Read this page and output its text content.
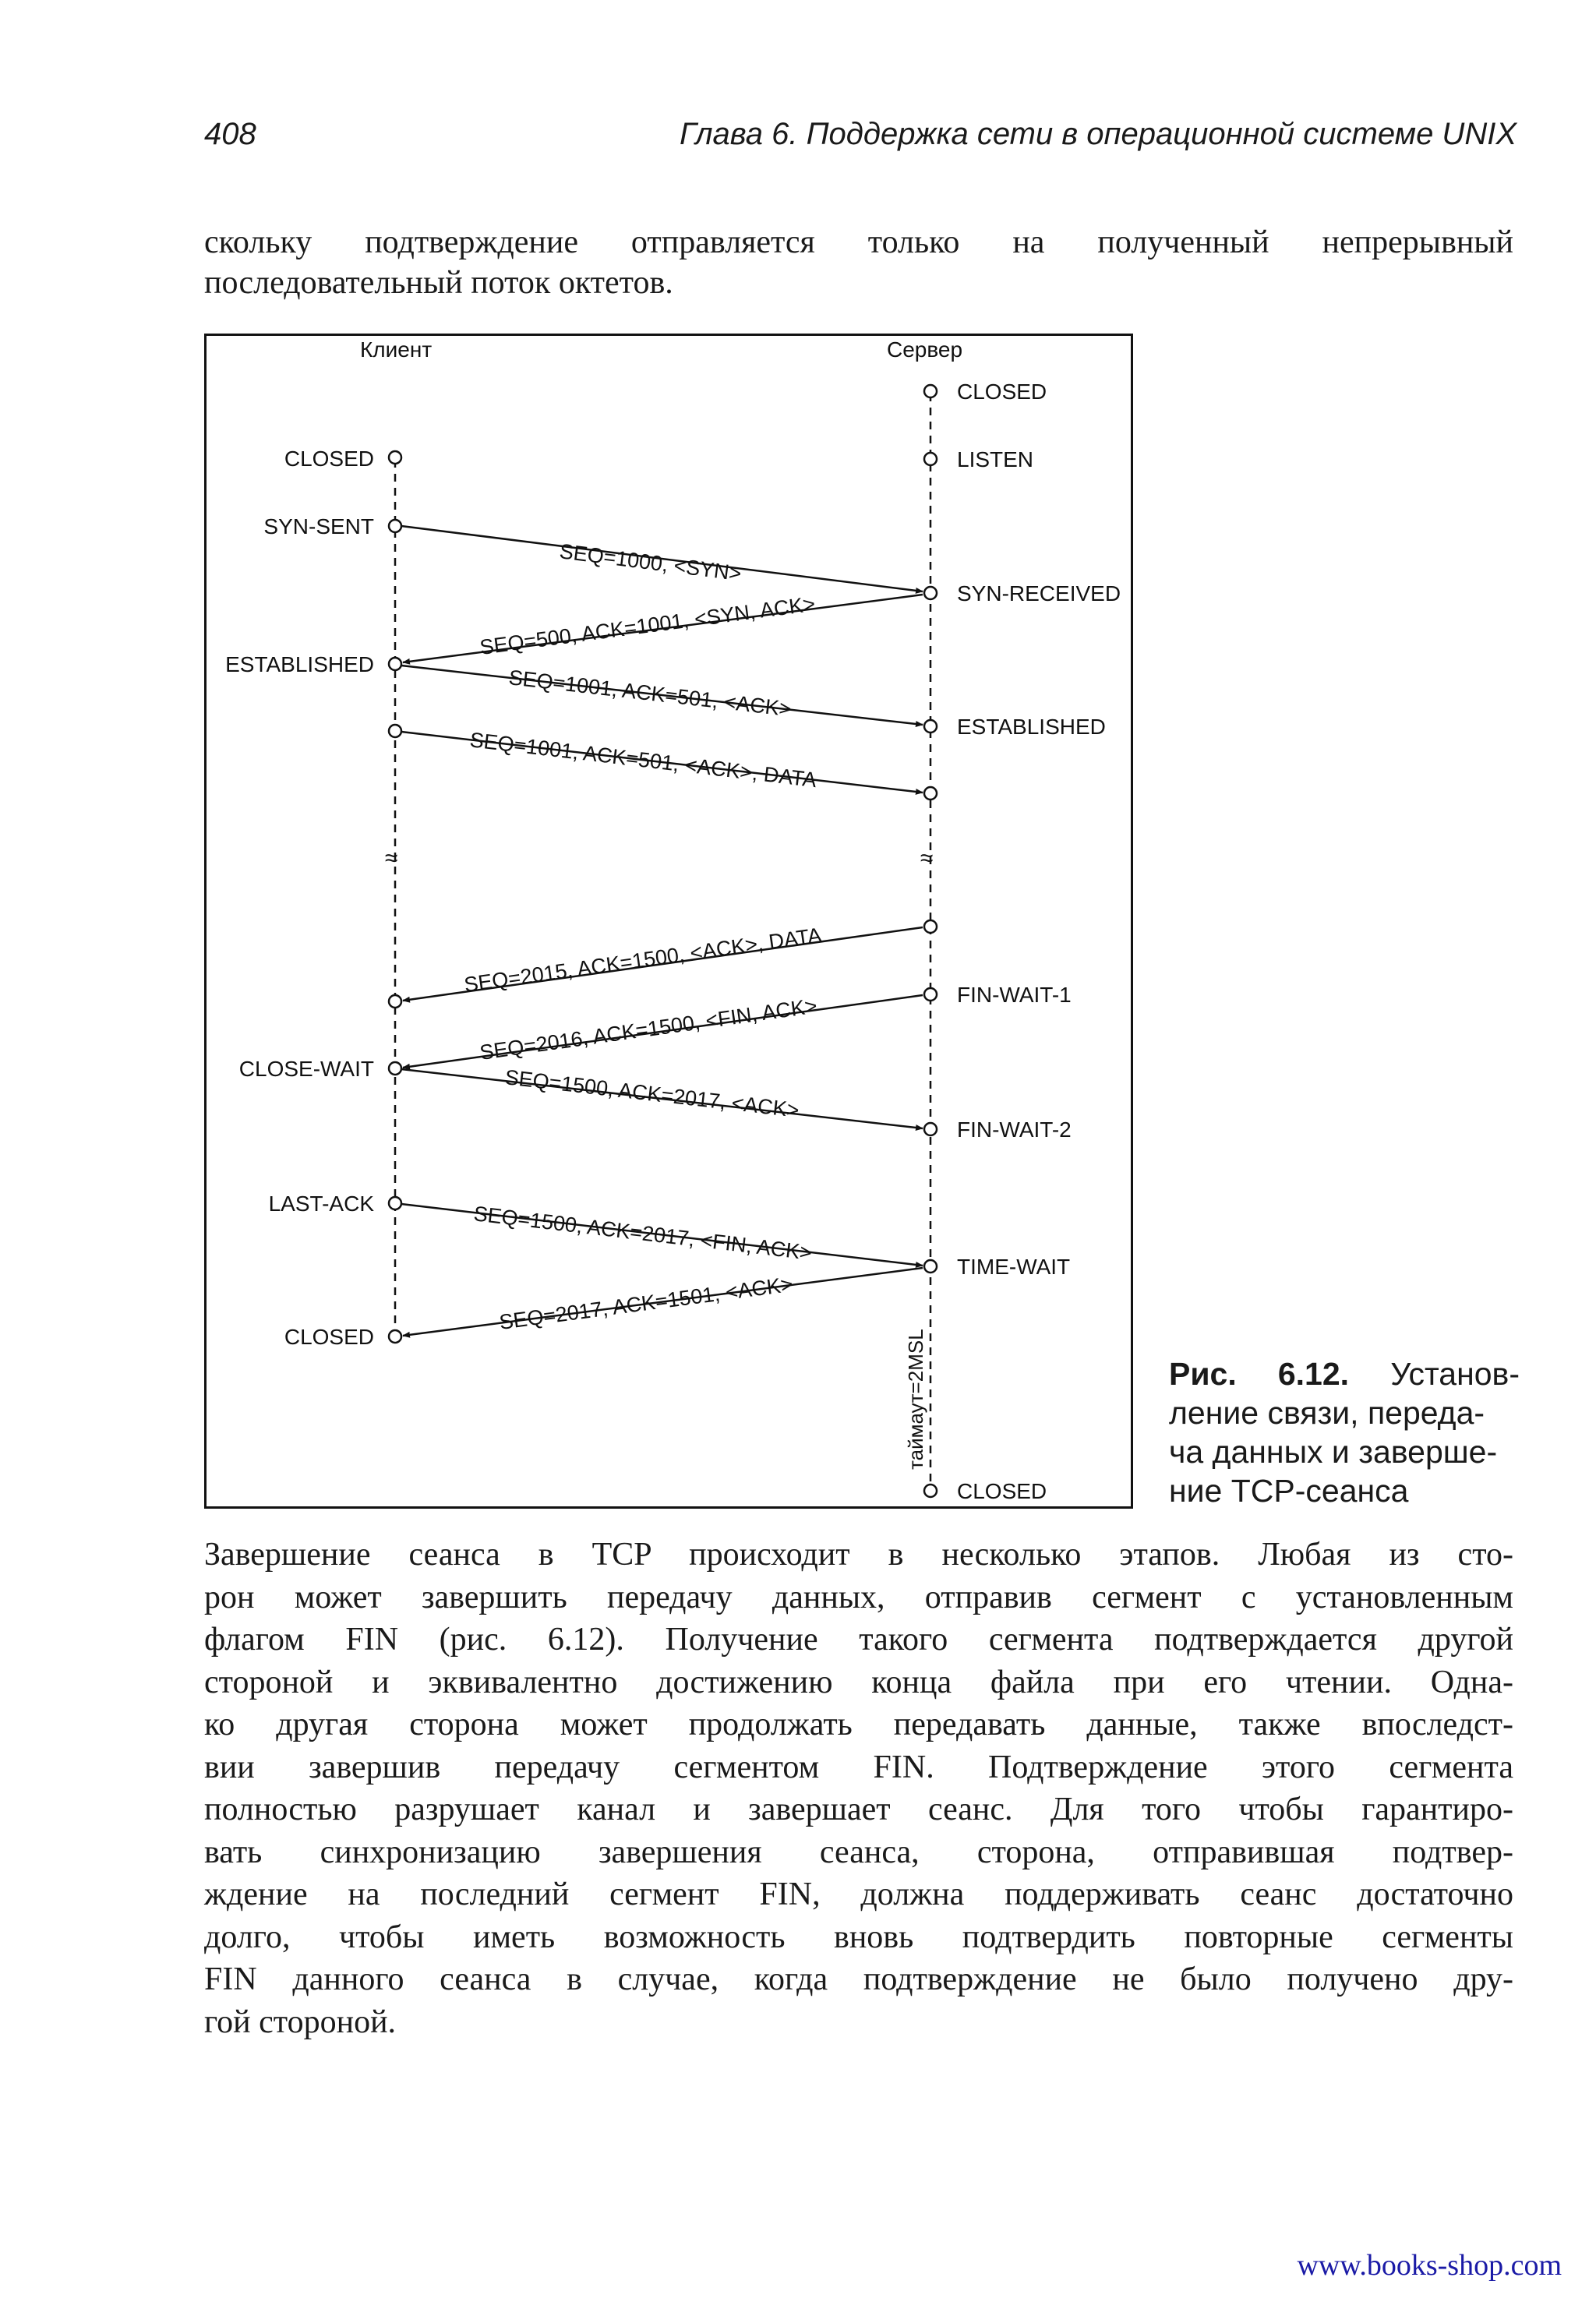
408	Глава 6. Поддержка сети в операционной системе UNIX
скольку подтверждение отправляется только на полученный непрерывный
последовательный поток октетов.
Клиент	Сервер
≈	≈
CLOSED
SYN-SENT
ESTABLISHED
CLOSE-WAIT
LAST-ACK
CLOSED
CLOSED
LISTEN
SYN-RECEIVED
ESTABLISHED
FIN-WAIT-1
FIN-WAIT-2
TIME-WAIT
CLOSED
SEQ=1000, <SYN>
SEQ=500, ACK=1001, <SYN, ACK>
SEQ=1001, ACK=501, <ACK>
SEQ=1001, ACK=501, <ACK>, DATA
SEQ=2015, ACK=1500, <ACK>, DATA
SEQ=2016, ACK=1500, <FIN, ACK>
SEQ=1500, ACK=2017, <ACK>
SEQ=1500, ACK=2017, <FIN, ACK>
SEQ=2017, ACK=1501, <ACK>
таймаут=2MSL	Рис. 6.12. Установ-
ление связи, переда-
ча данных и заверше-
ние TCP-сеанса
Завершение сеанса в TCP происходит в несколько этапов. Любая из сто-
рон может завершить передачу данных, отправив сегмент с установленным
флагом FIN (рис. 6.12). Получение такого сегмента подтверждается другой
стороной и эквивалентно достижению конца файла при его чтении. Одна-
ко другая сторона может продолжать передавать данные, также впоследст-
вии завершив передачу сегментом FIN. Подтверждение этого сегмента
полностью разрушает канал и завершает сеанс. Для того чтобы гарантиро-
вать синхронизацию завершения сеанса, сторона, отправившая подтвер-
ждение на последний сегмент FIN, должна поддерживать сеанс достаточно
долго, чтобы иметь возможность вновь подтвердить повторные сегменты
FIN данного сеанса в случае, когда подтверждение не было получено дру-
гой стороной.
www.books-shop.com
